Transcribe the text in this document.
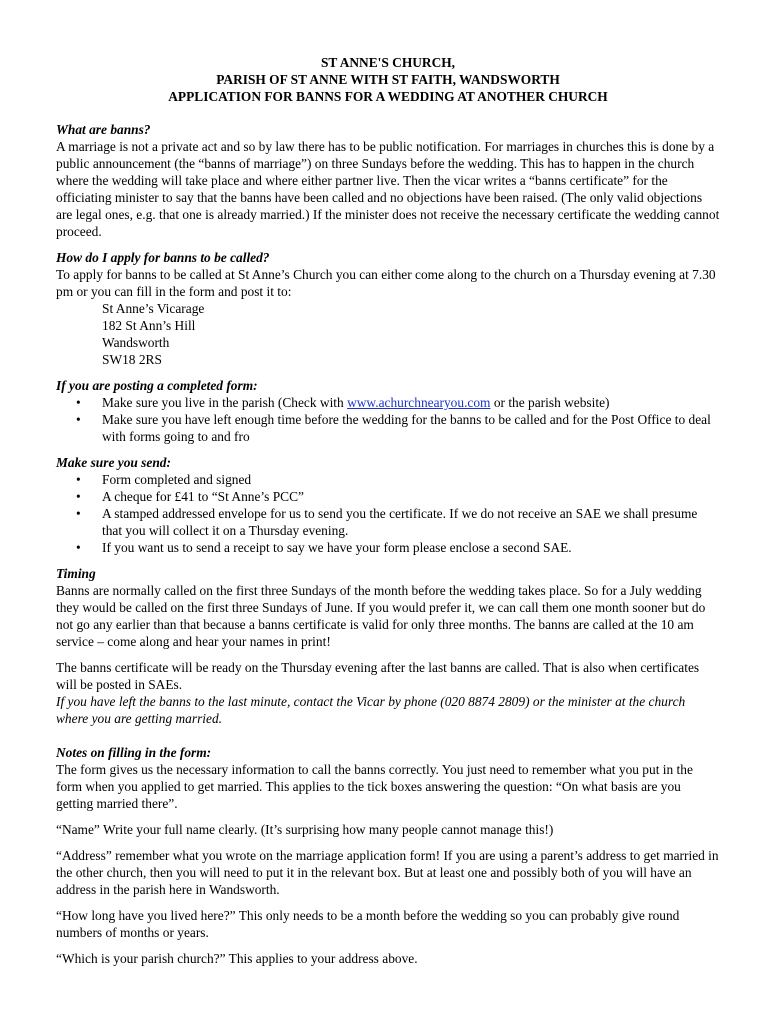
ST ANNE'S CHURCH,
PARISH OF ST ANNE WITH ST FAITH, WANDSWORTH
APPLICATION FOR BANNS FOR A WEDDING AT ANOTHER CHURCH
What are banns?

A marriage is not a private act and so by law there has to be public notification. For marriages in churches this is done by a public announcement (the “banns of marriage”) on three Sundays before the wedding. This has to happen in the church where the wedding will take place and where either partner live. Then the vicar writes a “banns certificate” for the officiating minister to say that the banns have been called and no objections have been raised. (The only valid objections are legal ones, e.g. that one is already married.) If the minister does not receive the necessary certificate the wedding cannot proceed.

How do I apply for banns to be called?

To apply for banns to be called at St Anne’s Church you can either come along to the church on a Thursday evening at 7.30 pm or you can fill in the form and post it to:

St Anne’s Vicarage
182 St Ann’s Hill
Wandsworth
SW18 2RS
If you are posting a completed form:
• Make sure you live in the parish (Check with www.achurchnearyou.com or the parish website)
• Make sure you have left enough time before the wedding for the banns to be called and for the Post Office to deal with forms going to and fro
Make sure you send:
• Form completed and signed
• A cheque for £41 to “St Anne’s PCC”
• A stamped addressed envelope for us to send you the certificate. If we do not receive an SAE we shall presume that you will collect it on a Thursday evening.
• If you want us to send a receipt to say we have your form please enclose a second SAE.
Timing

Banns are normally called on the first three Sundays of the month before the wedding takes place. So for a July wedding they would be called on the first three Sundays of June. If you would prefer it, we can call them one month sooner but do not go any earlier than that because a banns certificate is valid for only three months. The banns are called at the 10 am service – come along and hear your names in print!

The banns certificate will be ready on the Thursday evening after the last banns are called. That is also when certificates will be posted in SAEs.

If you have left the banns to the last minute, contact the Vicar by phone (020 8874 2809) or the minister at the church where you are getting married.

Notes on filling in the form:

The form gives us the necessary information to call the banns correctly. You just need to remember what you put in the form when you applied to get married. This applies to the tick boxes answering the question: “On what basis are you getting married there”.

“Name” Write your full name clearly. (It’s surprising how many people cannot manage this!)

“Address” remember what you wrote on the marriage application form! If you are using a parent’s address to get married in the other church, then you will need to put it in the relevant box. But at least one and possibly both of you will have an address in the parish here in Wandsworth.

“How long have you lived here?” This only needs to be a month before the wedding so you can probably give round numbers of months or years.

“Which is your parish church?” This applies to your address above.
